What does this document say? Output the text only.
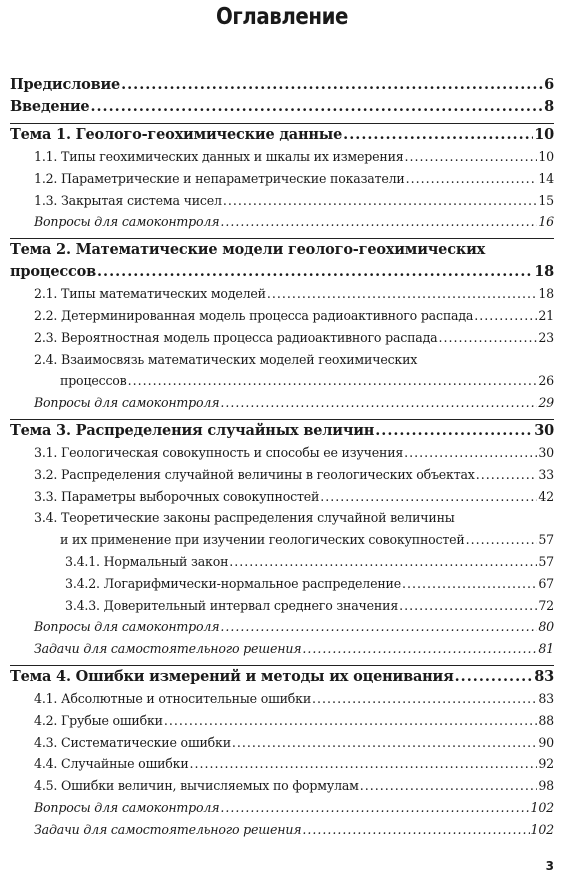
Оглавление
Предисловие .....	6
Введение .....	8
Тема 1. Геолого-геохимические данные .....	10
1.1. Типы геохимических данных и шкалы их измерения .....	10
1.2. Параметрические и непараметрические показатели .....	14
1.3. Закрытая система чисел .....	15
Вопросы для самоконтроля .....	16
Тема 2. Математические модели геолого-геохимических
процессов .....	18
2.1. Типы математических моделей .....	18
2.2. Детерминированная модель процесса радиоактивного распада .....	21
2.3. Вероятностная модель процесса радиоактивного распада .....	23
2.4. Взаимосвязь математических моделей геохимических
процессов .....	26
Вопросы для самоконтроля .....	29
Тема 3. Распределения случайных величин .....	30
3.1. Геологическая совокупность и способы ее изучения .....	30
3.2. Распределения случайной величины в геологических объектах .....	33
3.3. Параметры выборочных совокупностей .....	42
3.4. Теоретические законы распределения случайной величины
и их применение при изучении геологических совокупностей .....	57
3.4.1. Нормальный закон .....	57
3.4.2. Логарифмически-нормальное распределение .....	67
3.4.3. Доверительный интервал среднего значения .....	72
Вопросы для самоконтроля .....	80
Задачи для самостоятельного решения .....	81
Тема 4. Ошибки измерений и методы их оценивания .....	83
4.1. Абсолютные и относительные ошибки .....	83
4.2. Грубые ошибки .....	88
4.3. Систематические ошибки .....	90
4.4. Случайные ошибки .....	92
4.5. Ошибки величин, вычисляемых по формулам .....	98
Вопросы для самоконтроля .....	102
Задачи для самостоятельного решения .....	102
3
